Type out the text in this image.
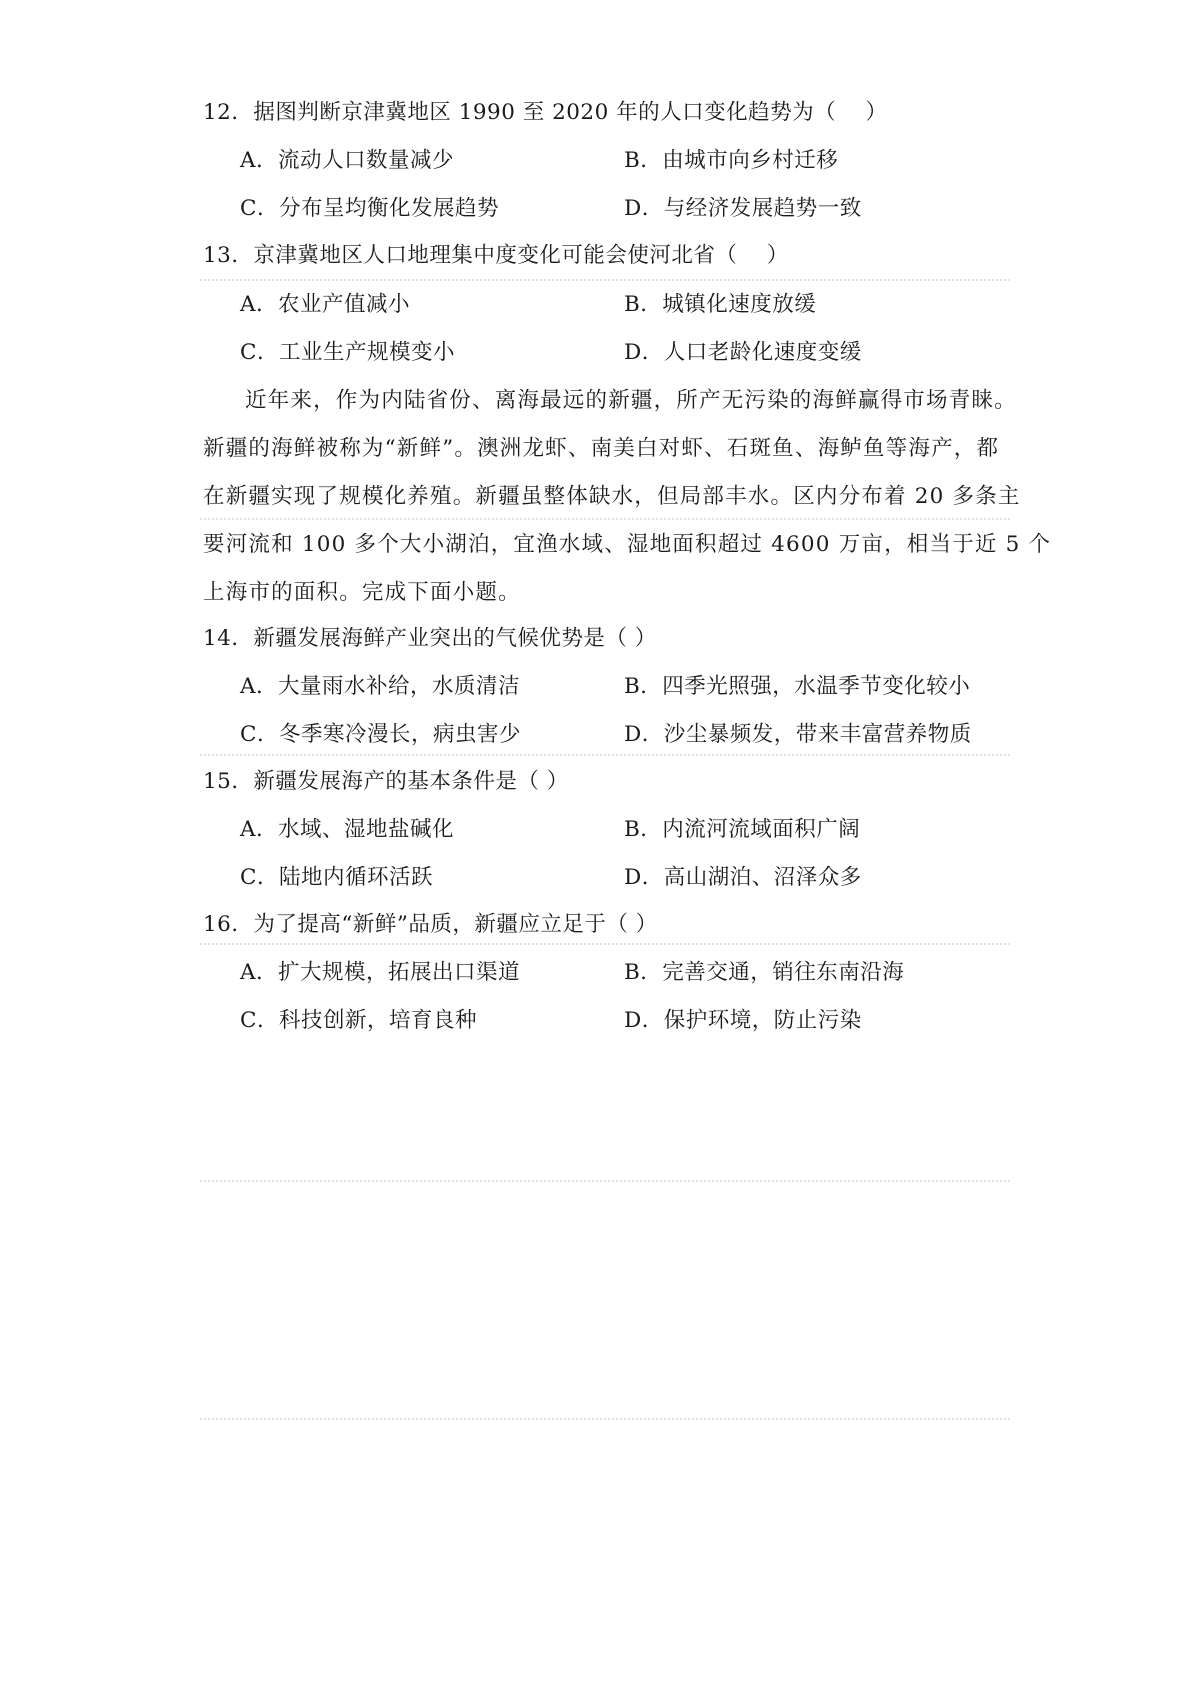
12．据图判断京津冀地区 1990 至 2020 年的人口变化趋势为（　 ）
A．流动人口数量减少	B．由城市向乡村迁移
C．分布呈均衡化发展趋势	D．与经济发展趋势一致
13．京津冀地区人口地理集中度变化可能会使河北省（　 ）
A．农业产值减小	B．城镇化速度放缓
C．工业生产规模变小	D．人口老龄化速度变缓
近年来，作为内陆省份、离海最远的新疆，所产无污染的海鲜赢得市场青睐。
新疆的海鲜被称为“新鲜”。澳洲龙虾、南美白对虾、石斑鱼、海鲈鱼等海产，都
在新疆实现了规模化养殖。新疆虽整体缺水，但局部丰水。区内分布着 20 多条主
要河流和 100 多个大小湖泊，宜渔水域、湿地面积超过 4600 万亩，相当于近 5 个
上海市的面积。完成下面小题。
14．新疆发展海鲜产业突出的气候优势是（ ）
A．大量雨水补给，水质清洁	B．四季光照强，水温季节变化较小
C．冬季寒冷漫长，病虫害少	D．沙尘暴频发，带来丰富营养物质
15．新疆发展海产的基本条件是（ ）
A．水域、湿地盐碱化	B．内流河流域面积广阔
C．陆地内循环活跃	D．高山湖泊、沼泽众多
16．为了提高“新鲜”品质，新疆应立足于（ ）
A．扩大规模，拓展出口渠道	B．完善交通，销往东南沿海
C．科技创新，培育良种	D．保护环境，防止污染
